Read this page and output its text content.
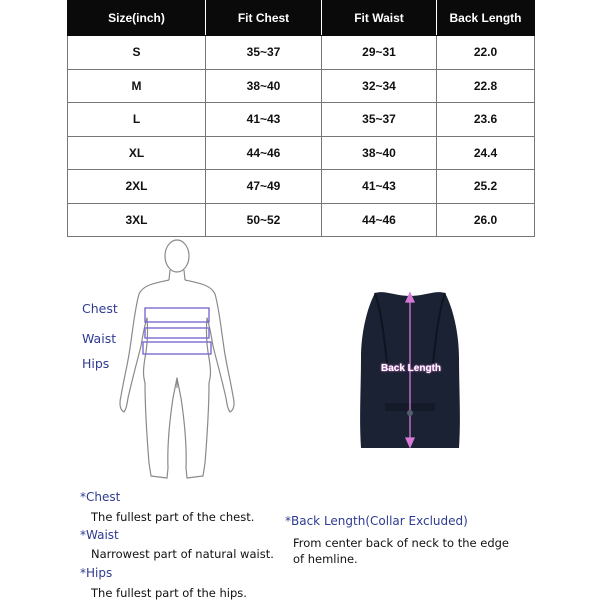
Size(inch)	Fit Chest	Fit Waist	Back Length
S	35~37	29~31	22.0
M	38~40	32~34	22.8
L	41~43	35~37	23.6
XL	44~46	38~40	24.4
2XL	47~49	41~43	25.2
3XL	50~52	44~46	26.0
Chest
Waist
Hips	Back Length
*Chest
The fullest part of the chest.
*Waist
Narrowest part of natural waist.
*Hips
The fullest part of the hips.
*Back Length(Collar Excluded)
From center back of neck to the edge
of hemline.
